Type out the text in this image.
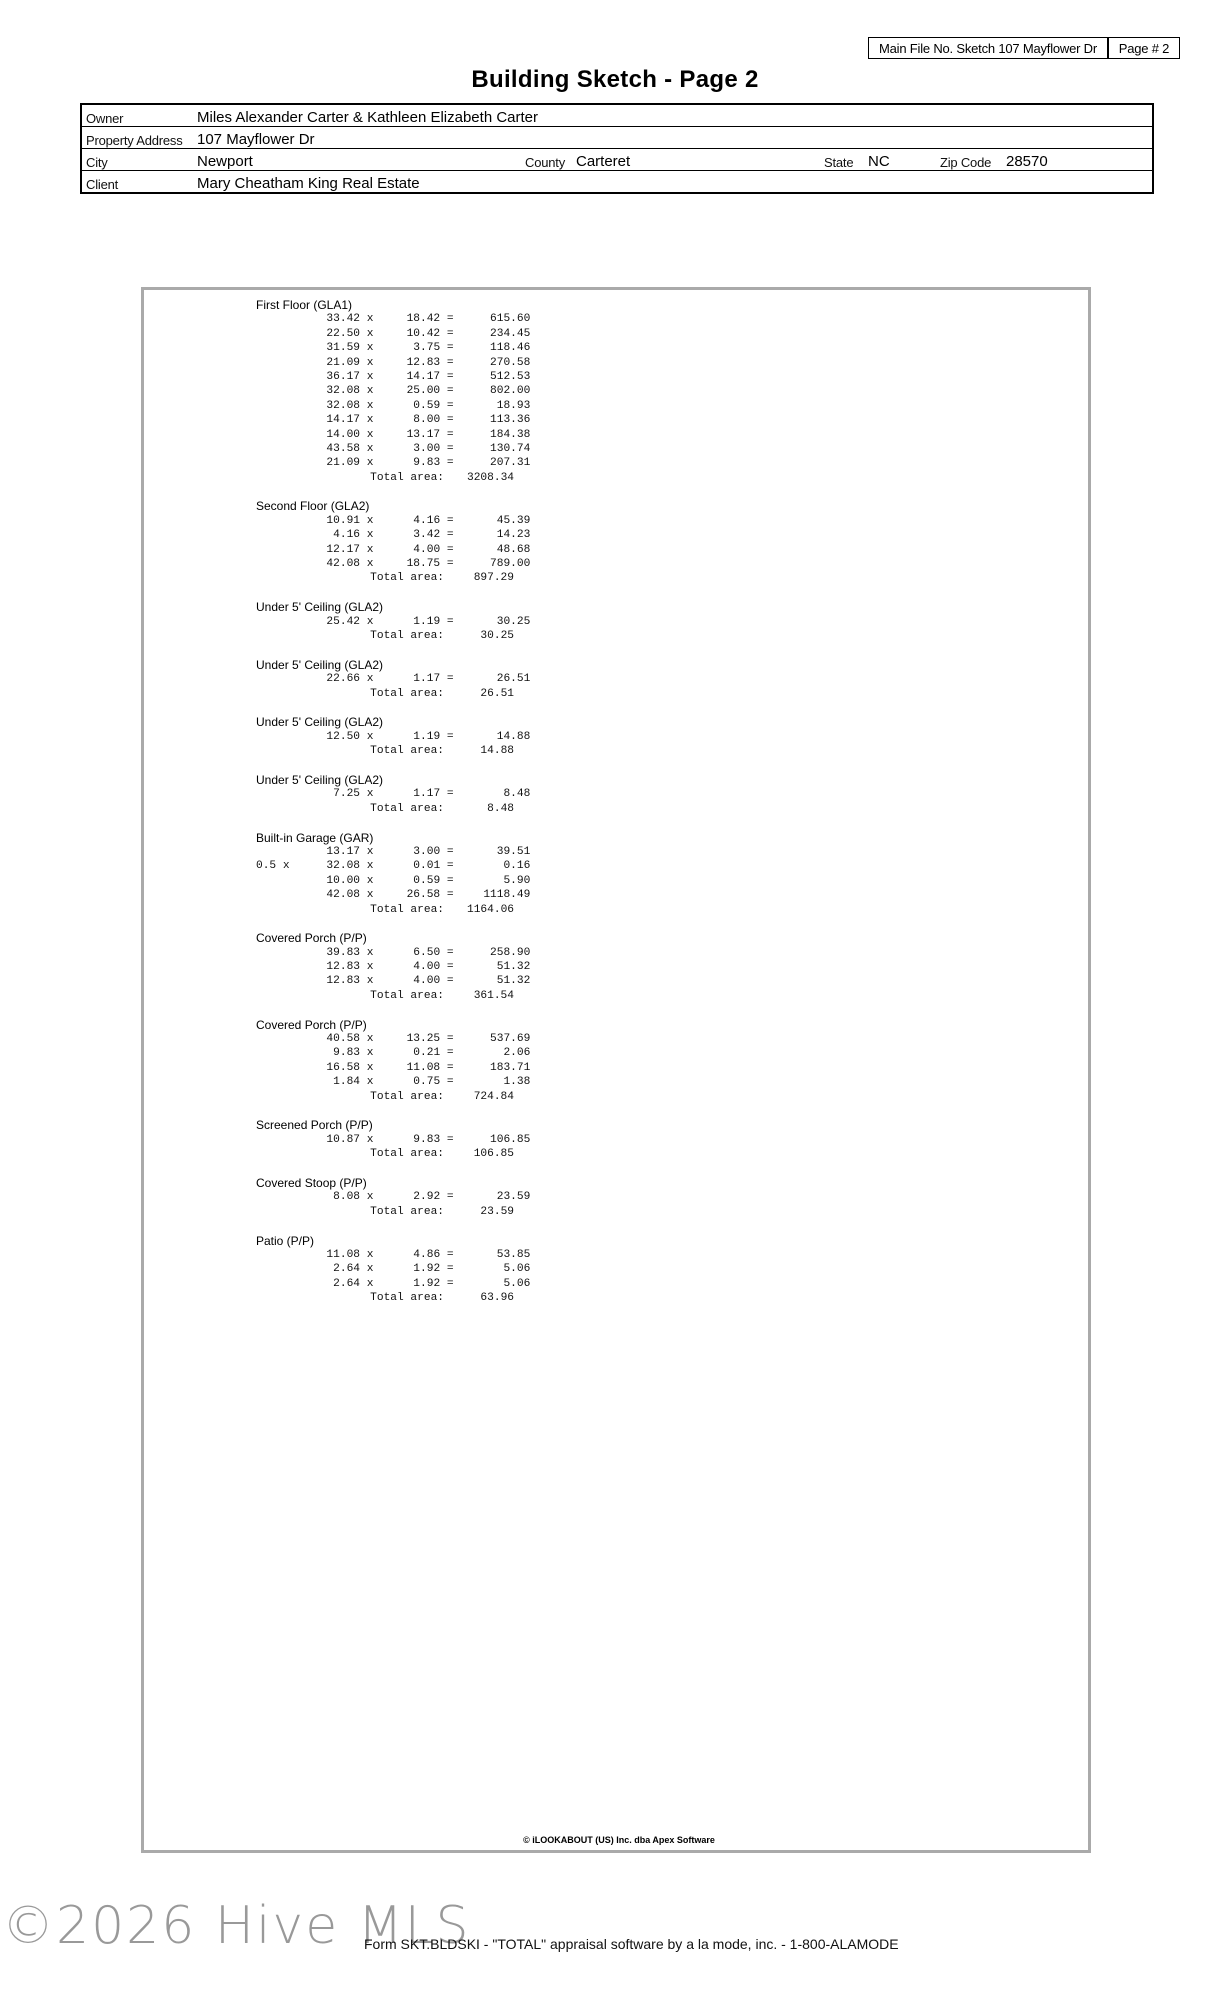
Main File No. Sketch 107 Mayflower Dr	Page # 2
Building Sketch - Page 2
Owner	Miles Alexander Carter & Kathleen Elizabeth Carter						
Property Address	107 Mayflower Dr						
City	Newport	County	Carteret	State	NC	Zip Code	28570
Client	Mary Cheatham King Real Estate						
First Floor (GLA1)
33.42 x 18.42 =	615.60
22.50 x 10.42 =	234.45
31.59 x	3.75 =	118.46
21.09 x 12.83 =	270.58
36.17 x 14.17 =	512.53
32.08 x 25.00 =	802.00
32.08 x	0.59 =	18.93
14.17 x	8.00 =	113.36
14.00 x 13.17 =	184.38
43.58 x	3.00 =	130.74
21.09 x	9.83 =	207.31
Total area: 3208.34
Second Floor (GLA2)
10.91 x	4.16 =	45.39
4.16 x	3.42 =	14.23
12.17 x	4.00 =	48.68
42.08 x 18.75 =	789.00
Total area:	897.29
Under 5' Ceiling (GLA2)
25.42 x	1.19 =	30.25
Total area:	30.25
Under 5' Ceiling (GLA2)
22.66 x	1.17 =	26.51
Total area:	26.51
Under 5' Ceiling (GLA2)
12.50 x	1.19 =	14.88
Total area:	14.88
Under 5' Ceiling (GLA2)
7.25 x	1.17 =	8.48
Total area:	8.48
Built-in Garage (GAR)
13.17 x	3.00 =	39.51
0.5 x	32.08 x	0.01 =	0.16
10.00 x	0.59 =	5.90
42.08 x 26.58 = 1118.49
Total area: 1164.06
Covered Porch (P/P)
39.83 x	6.50 =	258.90
12.83 x	4.00 =	51.32
12.83 x	4.00 =	51.32
Total area:	361.54
Covered Porch (P/P)
40.58 x 13.25 =	537.69
9.83 x	0.21 =	2.06
16.58 x 11.08 =	183.71
1.84 x	0.75 =	1.38
Total area:	724.84
Screened Porch (P/P)
10.87 x	9.83 =	106.85
Total area:	106.85
Covered Stoop (P/P)
8.08 x	2.92 =	23.59
Total area:	23.59
Patio (P/P)
11.08 x	4.86 =	53.85
2.64 x	1.92 =	5.06
2.64 x	1.92 =	5.06
Total area:	63.96
© iLOOKABOUT (US) Inc. dba Apex Software
©2026 Hive MLS
Form SKT.BLDSKI - "TOTAL" appraisal software by a la mode, inc. - 1-800-ALAMODE
